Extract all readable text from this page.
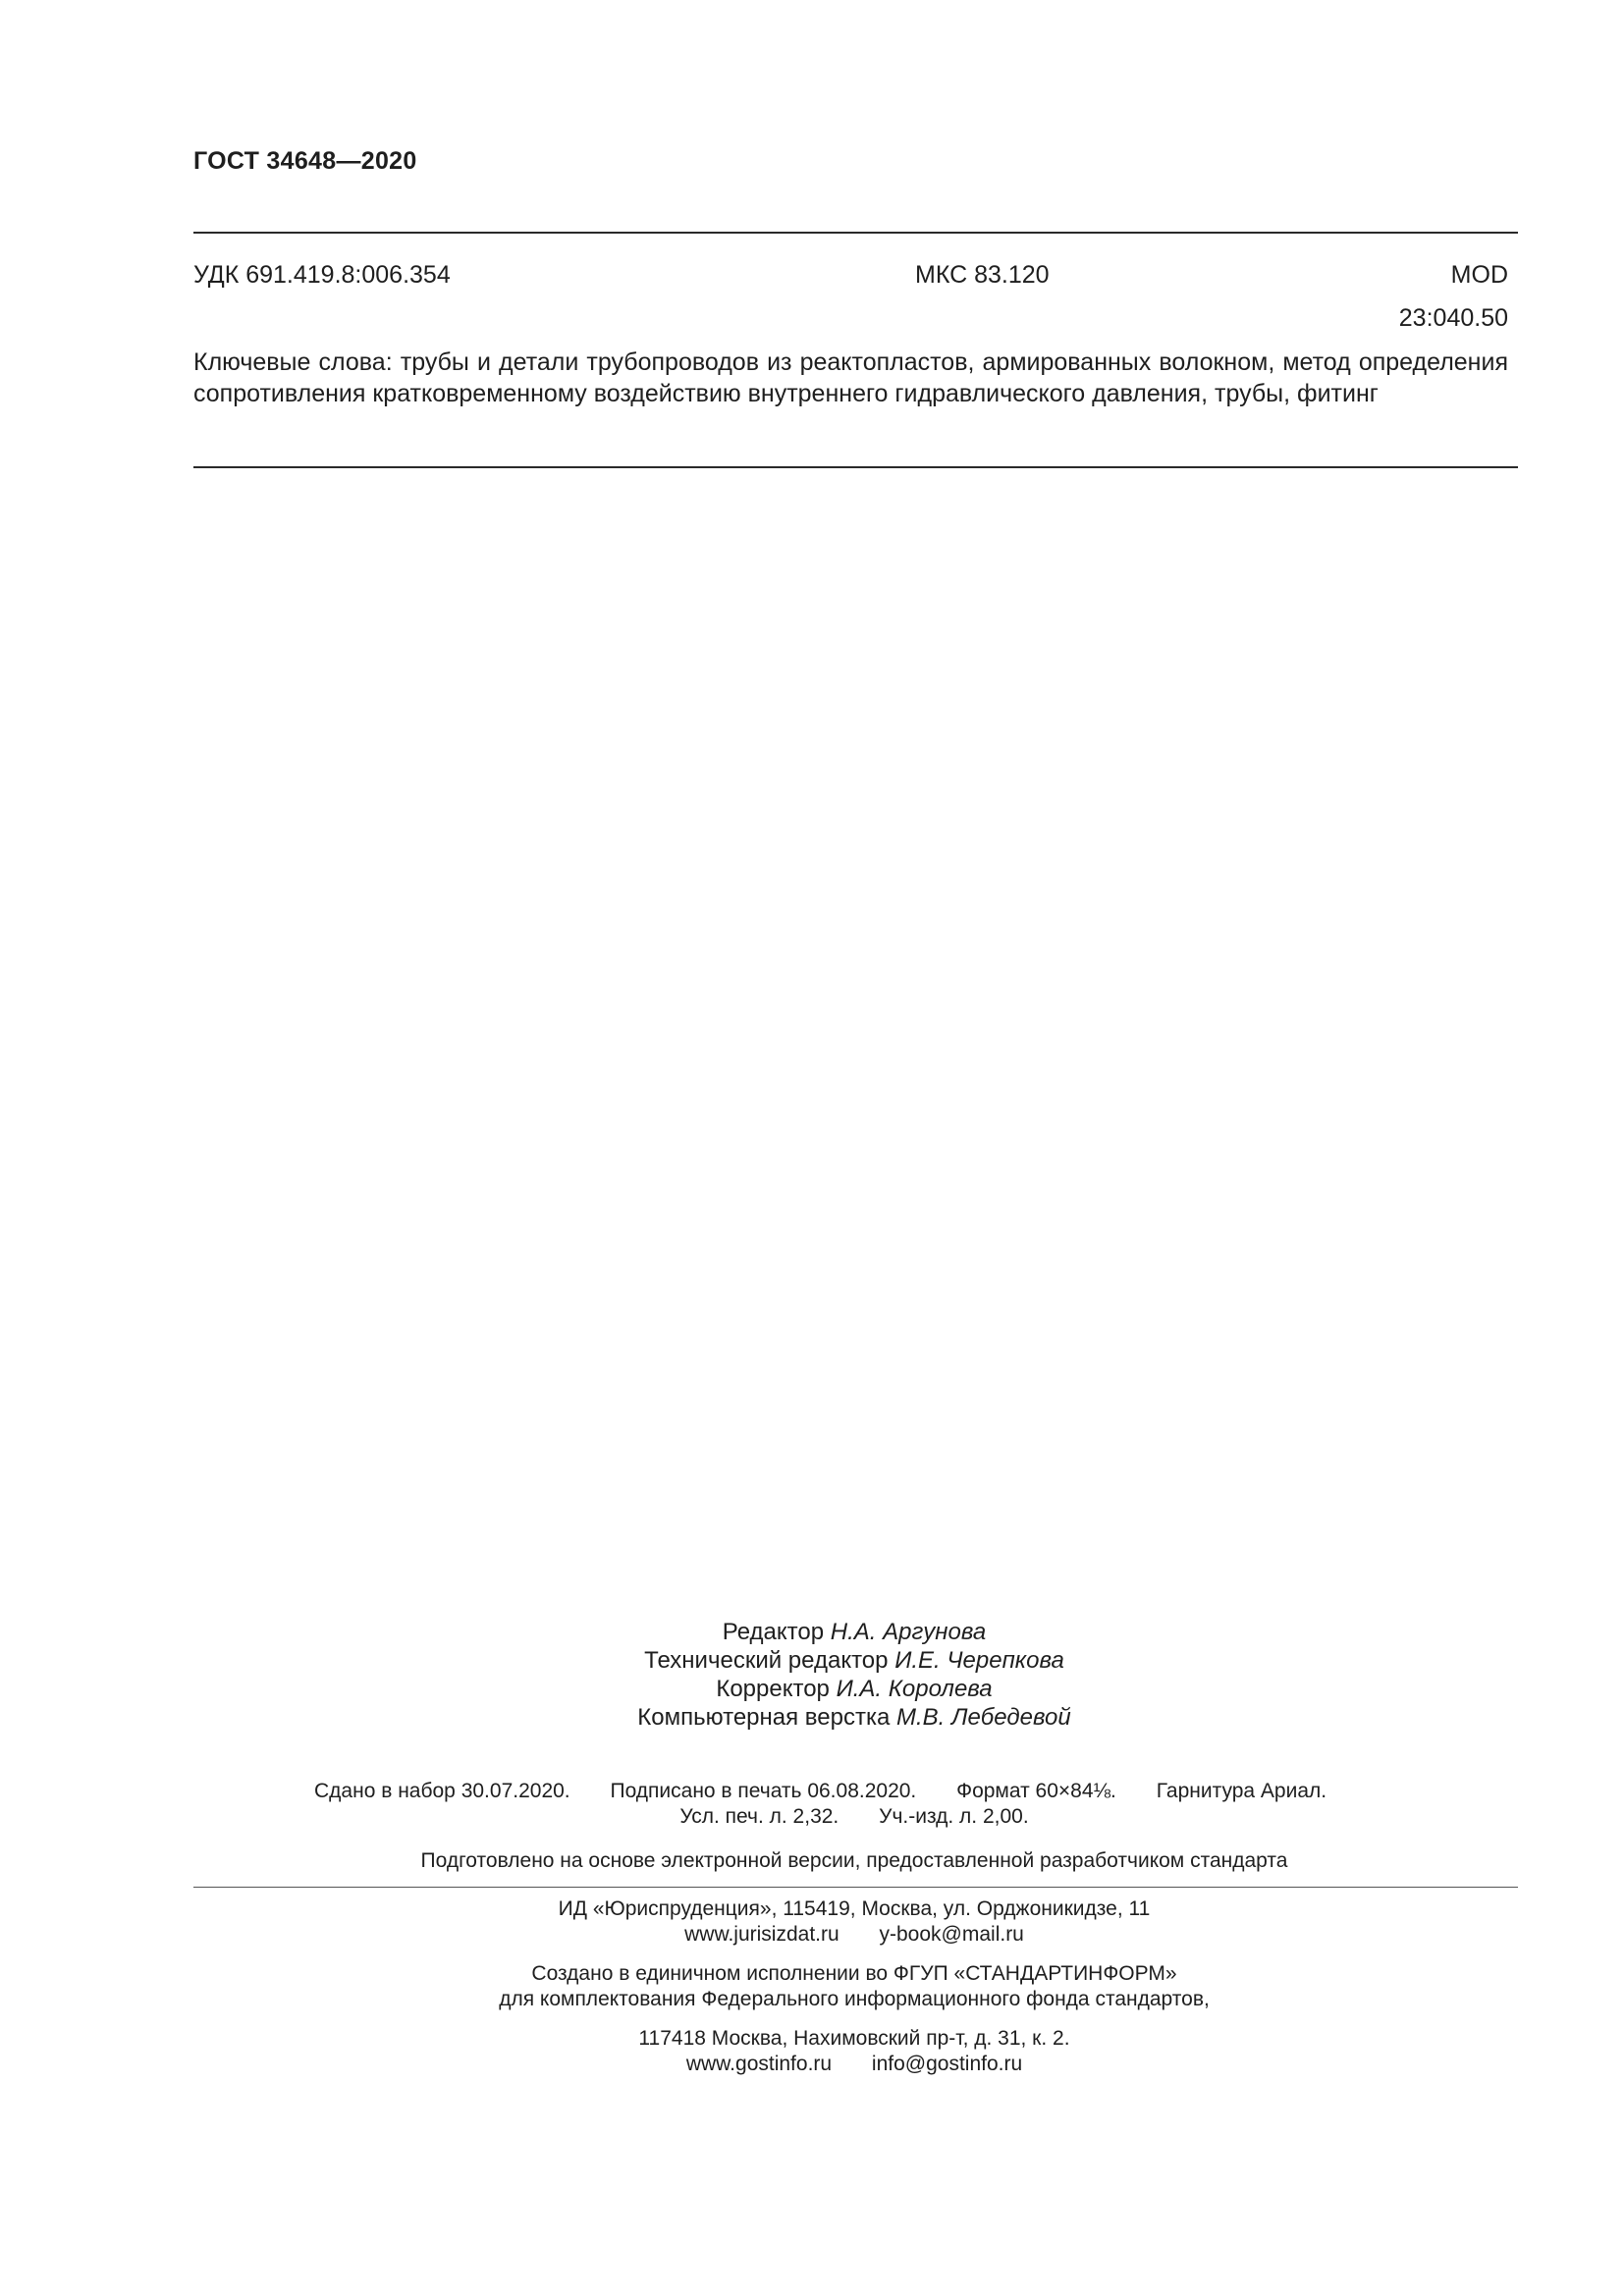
ГОСТ 34648—2020
УДК 691.419.8:006.354	МКС 83.120	MOD
23:040.50
Ключевые слова: трубы и детали трубопроводов из реактопластов, армированных волокном, метод определения сопротивления кратковременному воздействию внутреннего гидравлического давления, трубы, фитинг
Редактор Н.А. Аргунова
Технический редактор И.Е. Черепкова
Корректор И.А. Королева
Компьютерная верстка М.В. Лебедевой
Сдано в набор 30.07.2020.       Подписано в печать 06.08.2020.       Формат 60×84⅛.       Гарнитура Ариал.
Усл. печ. л. 2,32.       Уч.-изд. л. 2,00.
Подготовлено на основе электронной версии, предоставленной разработчиком стандарта

ИД «Юриспруденция», 115419, Москва, ул. Орджоникидзе, 11

www.jurisizdat.ru       y-book@mail.ru

Создано в единичном исполнении во ФГУП «СТАНДАРТИНФОРМ»

для комплектования Федерального информационного фонда стандартов,

117418 Москва, Нахимовский пр-т, д. 31, к. 2.

www.gostinfo.ru       info@gostinfo.ru
